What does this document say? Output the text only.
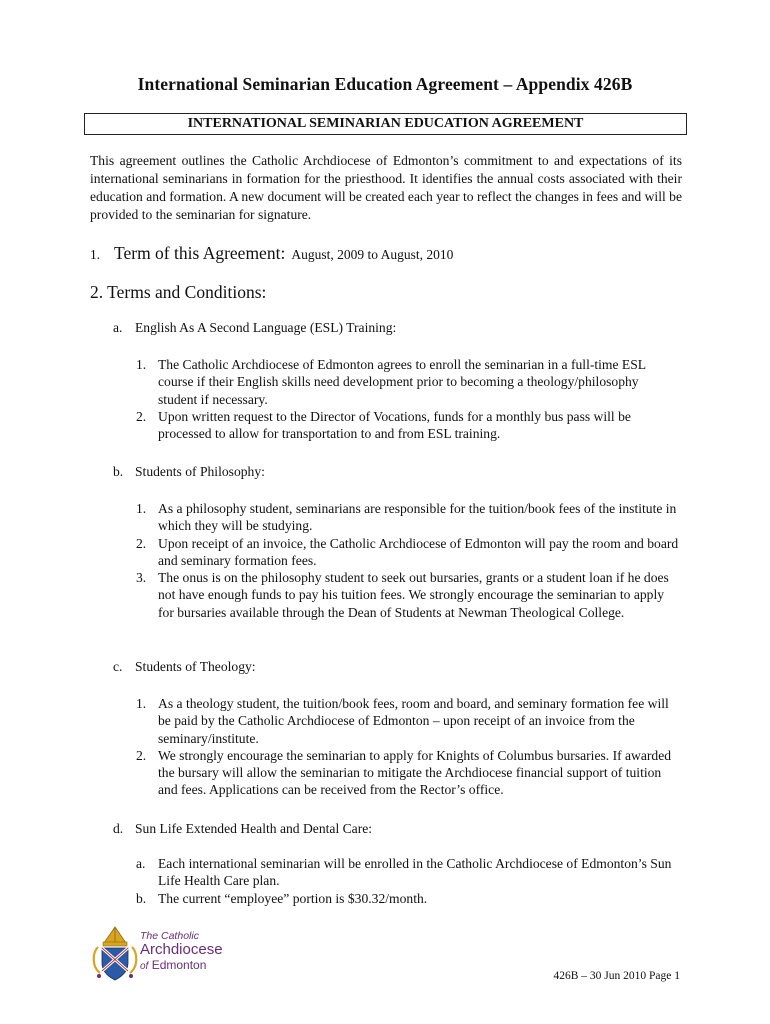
International Seminarian Education Agreement – Appendix 426B
INTERNATIONAL SEMINARIAN EDUCATION AGREEMENT
This agreement outlines the Catholic Archdiocese of Edmonton’s commitment to and expectations of its international seminarians in formation for the priesthood. It identifies the annual costs associated with their education and formation. A new document will be created each year to reflect the changes in fees and will be provided to the seminarian for signature.
1. Term of this Agreement: August, 2009 to August, 2010
2. Terms and Conditions:
a. English As A Second Language (ESL) Training:
1. The Catholic Archdiocese of Edmonton agrees to enroll the seminarian in a full-time ESL course if their English skills need development prior to becoming a theology/philosophy student if necessary.
2. Upon written request to the Director of Vocations, funds for a monthly bus pass will be processed to allow for transportation to and from ESL training.
b. Students of Philosophy:
1. As a philosophy student, seminarians are responsible for the tuition/book fees of the institute in which they will be studying.
2. Upon receipt of an invoice, the Catholic Archdiocese of Edmonton will pay the room and board and seminary formation fees.
3. The onus is on the philosophy student to seek out bursaries, grants or a student loan if he does not have enough funds to pay his tuition fees. We strongly encourage the seminarian to apply for bursaries available through the Dean of Students at Newman Theological College.
c. Students of Theology:
1. As a theology student, the tuition/book fees, room and board, and seminary formation fee will be paid by the Catholic Archdiocese of Edmonton – upon receipt of an invoice from the seminary/institute.
2. We strongly encourage the seminarian to apply for Knights of Columbus bursaries. If awarded the bursary will allow the seminarian to mitigate the Archdiocese financial support of tuition and fees. Applications can be received from the Rector’s office.
d. Sun Life Extended Health and Dental Care:
a. Each international seminarian will be enrolled in the Catholic Archdiocese of Edmonton’s Sun Life Health Care plan.
b. The current “employee” portion is $30.32/month.
The Catholic
Archdiocese
of Edmonton
426B – 30 Jun 2010 Page 1
